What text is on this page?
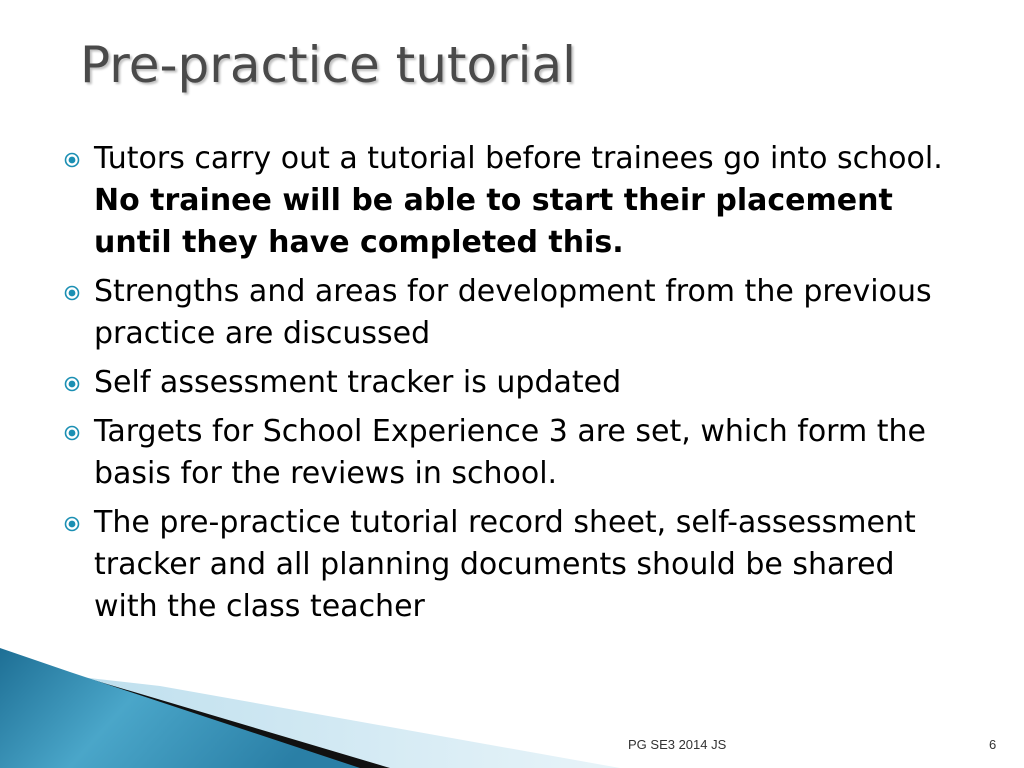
Pre-practice tutorial
Tutors carry out a tutorial before trainees go into school. No trainee will be able to start their placement until they have completed this.
Strengths and areas for development from the previous practice are discussed
Self assessment tracker is updated
Targets for School Experience 3 are set, which form the basis for the reviews in school.
The pre-practice tutorial record sheet, self-assessment tracker and all planning documents should be shared with the class teacher
PG SE3 2014 JS	6
